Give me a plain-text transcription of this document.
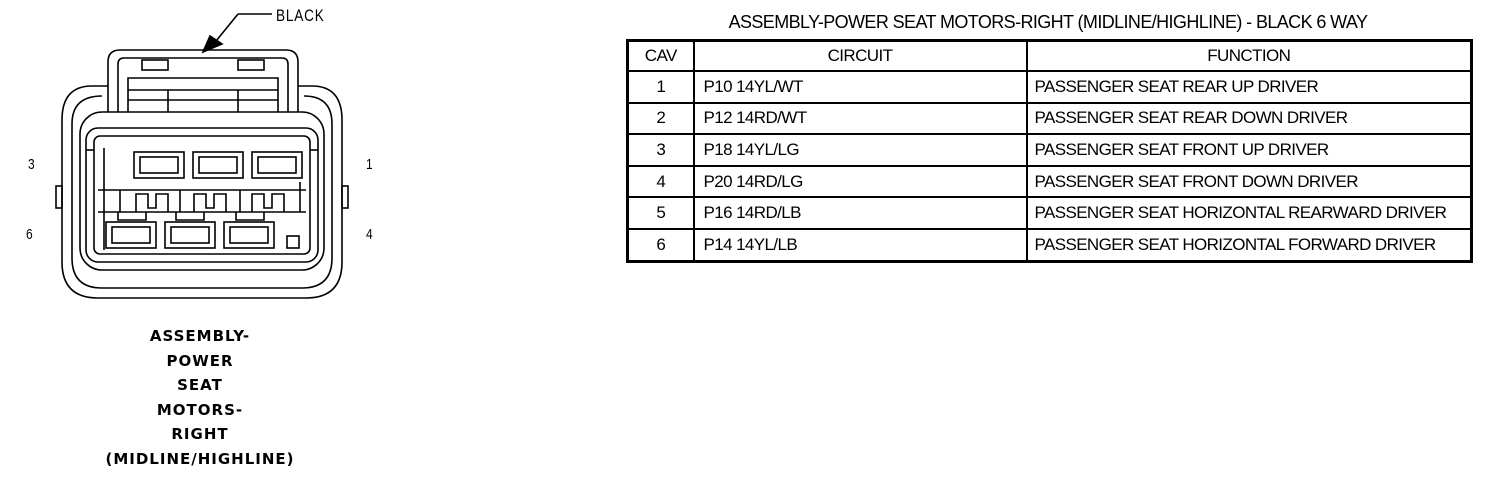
BLACK
3
6
1
4
ASSEMBLY-
POWER
SEAT
MOTORS-
RIGHT
(MIDLINE/HIGHLINE)
ASSEMBLY-POWER SEAT MOTORS-RIGHT (MIDLINE/HIGHLINE) - BLACK 6 WAY
CAV	CIRCUIT	FUNCTION
1	P10 14YL/WT	PASSENGER SEAT REAR UP DRIVER
2	P12 14RD/WT	PASSENGER SEAT REAR DOWN DRIVER
3	P18 14YL/LG	PASSENGER SEAT FRONT UP DRIVER
4	P20 14RD/LG	PASSENGER SEAT FRONT DOWN DRIVER
5	P16 14RD/LB	PASSENGER SEAT HORIZONTAL REARWARD DRIVER
6	P14 14YL/LB	PASSENGER SEAT HORIZONTAL FORWARD DRIVER
